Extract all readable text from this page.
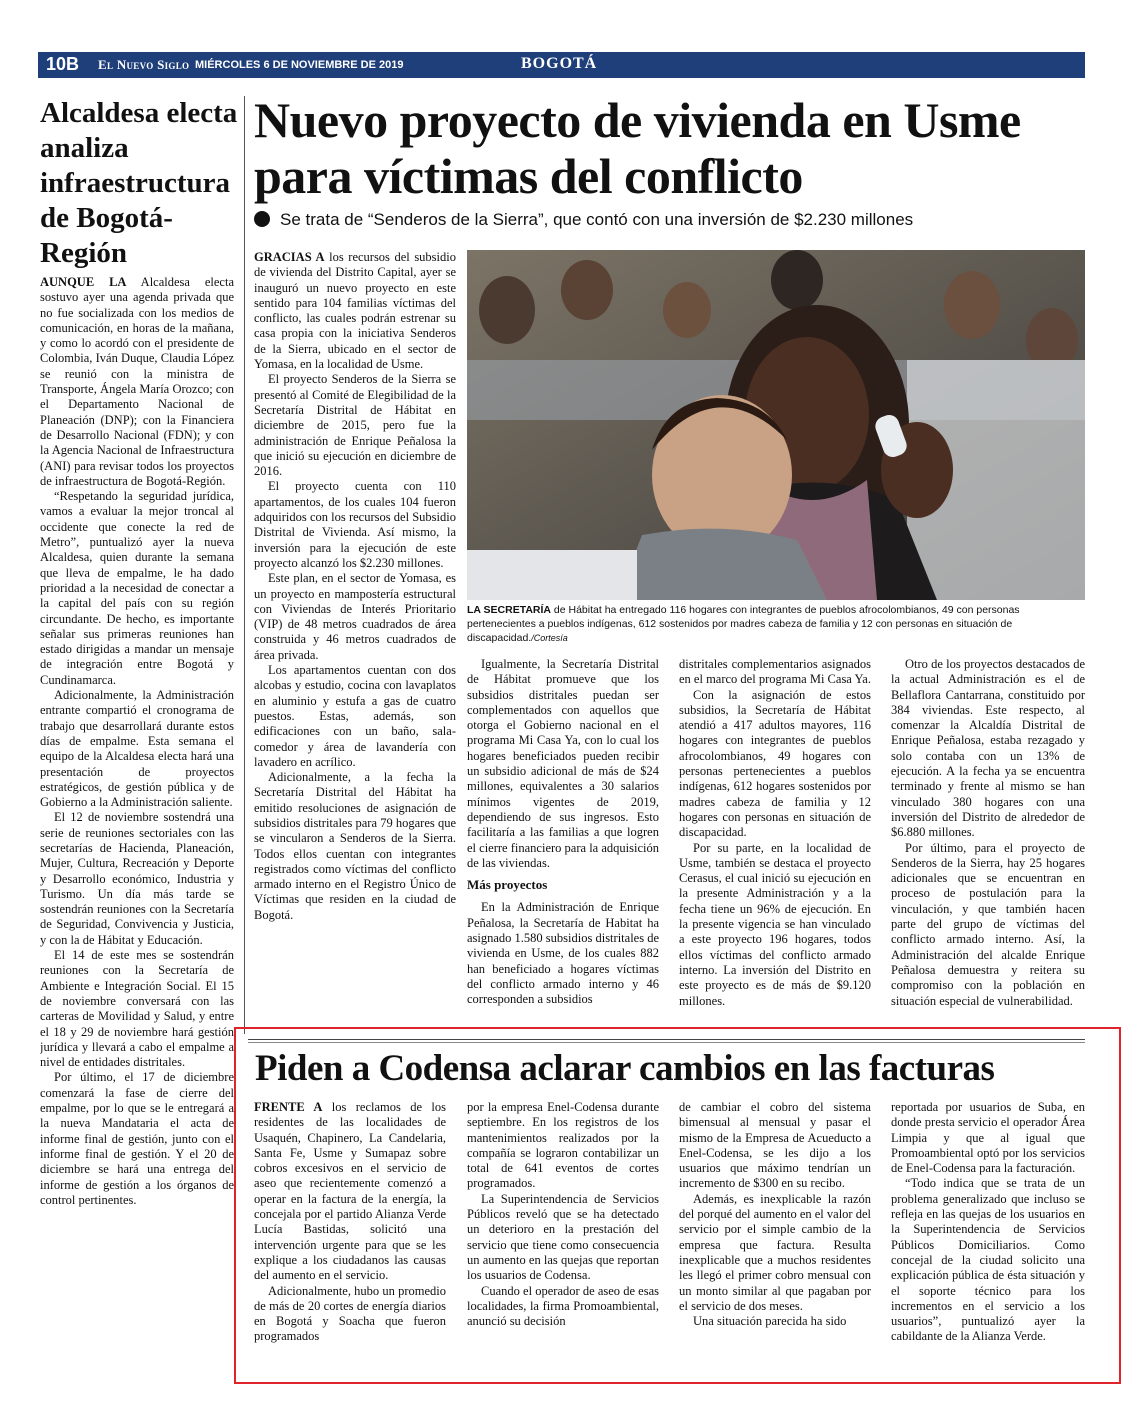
10B El Nuevo Siglo MIÉRCOLES 6 DE NOVIEMBRE DE 2019	BOGOTÁ
Alcaldesa electa analiza infraestructura de Bogotá-Región

AUNQUE LA Alcaldesa electa sostuvo ayer una agenda privada que no fue socializada con los medios de comunicación, en horas de la mañana, y como lo acordó con el presidente de Colombia, Iván Duque, Claudia López se reunió con la ministra de Transporte, Ángela María Orozco; con el Departamento Nacional de Planeación (DNP); con la Financiera de Desarrollo Nacional (FDN); y con la Agencia Nacional de Infraestructura (ANI) para revisar todos los proyectos de infraestructura de Bogotá-Región.

“Respetando la seguridad jurídica, vamos a evaluar la mejor troncal al occidente que conecte la red de Metro”, puntualizó ayer la nueva Alcaldesa, quien durante la semana que lleva de empalme, le ha dado prioridad a la necesidad de conectar a la capital del país con su región circundante. De hecho, es importante señalar sus primeras reuniones han estado dirigidas a mandar un mensaje de integración entre Bogotá y Cundinamarca.

Adicionalmente, la Administración entrante compartió el cronograma de trabajo que desarrollará durante estos días de empalme. Esta semana el equipo de la Alcaldesa electa hará una presentación de proyectos estratégicos, de gestión pública y de Gobierno a la Administración saliente.

El 12 de noviembre sostendrá una serie de reuniones sectoriales con las secretarías de Hacienda, Planeación, Mujer, Cultura, Recreación y Deporte y Desarrollo económico, Industria y Turismo. Un día más tarde se sostendrán reuniones con la Secretaría de Seguridad, Convivencia y Justicia, y con la de Hábitat y Educación.

El 14 de este mes se sostendrán reuniones con la Secretaría de Ambiente e Integración Social. El 15 de noviembre conversará con las carteras de Movilidad y Salud, y entre el 18 y 29 de noviembre hará gestión jurídica y llevará a cabo el empalme a nivel de entidades distritales.

Por último, el 17 de diciembre comenzará la fase de cierre del empalme, por lo que se le entregará a la nueva Mandataria el acta de informe final de gestión, junto con el informe final de gestión. Y el 20 de diciembre se hará una entrega del informe de gestión a los órganos de control pertinentes.

Nuevo proyecto de vivienda en Usme para víctimas del conflicto
Se trata de “Senderos de la Sierra”, que contó con una inversión de $2.230 millones

GRACIAS A los recursos del subsidio de vivienda del Distrito Capital, ayer se inauguró un nuevo proyecto en este sentido para 104 familias víctimas del conflicto, las cuales podrán estrenar su casa propia con la iniciativa Senderos de la Sierra, ubicado en el sector de Yomasa, en la localidad de Usme.

El proyecto Senderos de la Sierra se presentó al Comité de Elegibilidad de la Secretaría Distrital de Hábitat en diciembre de 2015, pero fue la administración de Enrique Peñalosa la que inició su ejecución en diciembre de 2016.

El proyecto cuenta con 110 apartamentos, de los cuales 104 fueron adquiridos con los recursos del Subsidio Distrital de Vivienda. Así mismo, la inversión para la ejecución de este proyecto alcanzó los $2.230 millones.

Este plan, en el sector de Yomasa, es un proyecto en mampostería estructural con Viviendas de Interés Prioritario (VIP) de 48 metros cuadrados de área construida y 46 metros cuadrados de área privada.

Los apartamentos cuentan con dos alcobas y estudio, cocina con lavaplatos en aluminio y estufa a gas de cuatro puestos. Estas, además, son edificaciones con un baño, sala-comedor y área de lavandería con lavadero en acrílico.

Adicionalmente, a la fecha la Secretaría Distrital del Hábitat ha emitido resoluciones de asignación de subsidios distritales para 79 hogares que se vincularon a Senderos de la Sierra. Todos ellos cuentan con integrantes registrados como víctimas del conflicto armado interno en el Registro Único de Víctimas que residen en la ciudad de Bogotá.

LA SECRETARÍA de Hábitat ha entregado 116 hogares con integrantes de pueblos afrocolombianos, 49 con personas pertenecientes a pueblos indígenas, 612 sostenidos por madres cabeza de familia y 12 con personas en situación de discapacidad./Cortesía

Igualmente, la Secretaría Distrital de Hábitat promueve que los subsidios distritales puedan ser complementados con aquellos que otorga el Gobierno nacional en el programa Mi Casa Ya, con lo cual los hogares beneficiados pueden recibir un subsidio adicional de más de $24 millones, equivalentes a 30 salarios mínimos vigentes de 2019, dependiendo de sus ingresos. Esto facilitaría a las familias a que logren el cierre financiero para la adquisición de las viviendas.

Más proyectos

En la Administración de Enrique Peñalosa, la Secretaría de Habitat ha asignado 1.580 subsidios distritales de vivienda en Usme, de los cuales 882 han beneficiado a hogares víctimas del conflicto armado interno y 46 corresponden a subsidios

distritales complementarios asignados en el marco del programa Mi Casa Ya.

Con la asignación de estos subsidios, la Secretaría de Hábitat atendió a 417 adultos mayores, 116 hogares con integrantes de pueblos afrocolombianos, 49 hogares con personas pertenecientes a pueblos indígenas, 612 hogares sostenidos por madres cabeza de familia y 12 hogares con personas en situación de discapacidad.

Por su parte, en la localidad de Usme, también se destaca el proyecto Cerasus, el cual inició su ejecución en la presente Administración y a la fecha tiene un 96% de ejecución. En la presente vigencia se han vinculado a este proyecto 196 hogares, todos ellos víctimas del conflicto armado interno. La inversión del Distrito en este proyecto es de más de $9.120 millones.

Otro de los proyectos destacados de la actual Administración es el de Bellaflora Cantarrana, constituido por 384 viviendas. Este respecto, al comenzar la Alcaldía Distrital de Enrique Peñalosa, estaba rezagado y solo contaba con un 13% de ejecución. A la fecha ya se encuentra terminado y frente al mismo se han vinculado 380 hogares con una inversión del Distrito de alrededor de $6.880 millones.

Por último, para el proyecto de Senderos de la Sierra, hay 25 hogares adicionales que se encuentran en proceso de postulación para la vinculación, y que también hacen parte del grupo de víctimas del conflicto armado interno. Así, la Administración del alcalde Enrique Peñalosa demuestra y reitera su compromiso con la población en situación especial de vulnerabilidad.

Piden a Codensa aclarar cambios en las facturas

FRENTE A los reclamos de los residentes de las localidades de Usaquén, Chapinero, La Candelaria, Santa Fe, Usme y Sumapaz sobre cobros excesivos en el servicio de aseo que recientemente comenzó a operar en la factura de la energía, la concejala por el partido Alianza Verde Lucía Bastidas, solicitó una intervención urgente para que se les explique a los ciudadanos las causas del aumento en el servicio.

Adicionalmente, hubo un promedio de más de 20 cortes de energía diarios en Bogotá y Soacha que fueron programados

por la empresa Enel-Codensa durante septiembre. En los registros de los mantenimientos realizados por la compañía se lograron contabilizar un total de 641 eventos de cortes programados.

La Superintendencia de Servicios Públicos reveló que se ha detectado un deterioro en la prestación del servicio que tiene como consecuencia un aumento en las quejas que reportan los usuarios de Codensa.

Cuando el operador de aseo de esas localidades, la firma Promoambiental, anunció su decisión

de cambiar el cobro del sistema bimensual al mensual y pasar el mismo de la Empresa de Acueducto a Enel-Codensa, se les dijo a los usuarios que máximo tendrían un incremento de $300 en su recibo.

Además, es inexplicable la razón del porqué del aumento en el valor del servicio por el simple cambio de la empresa que factura. Resulta inexplicable que a muchos residentes les llegó el primer cobro mensual con un monto similar al que pagaban por el servicio de dos meses.

Una situación parecida ha sido

reportada por usuarios de Suba, en donde presta servicio el operador Área Limpia y que al igual que Promoambiental optó por los servicios de Enel-Codensa para la facturación.

“Todo indica que se trata de un problema generalizado que incluso se refleja en las quejas de los usuarios en la Superintendencia de Servicios Públicos Domiciliarios. Como concejal de la ciudad solicito una explicación pública de ésta situación y el soporte técnico para los incrementos en el servicio a los usuarios”, puntualizó ayer la cabildante de la Alianza Verde.
